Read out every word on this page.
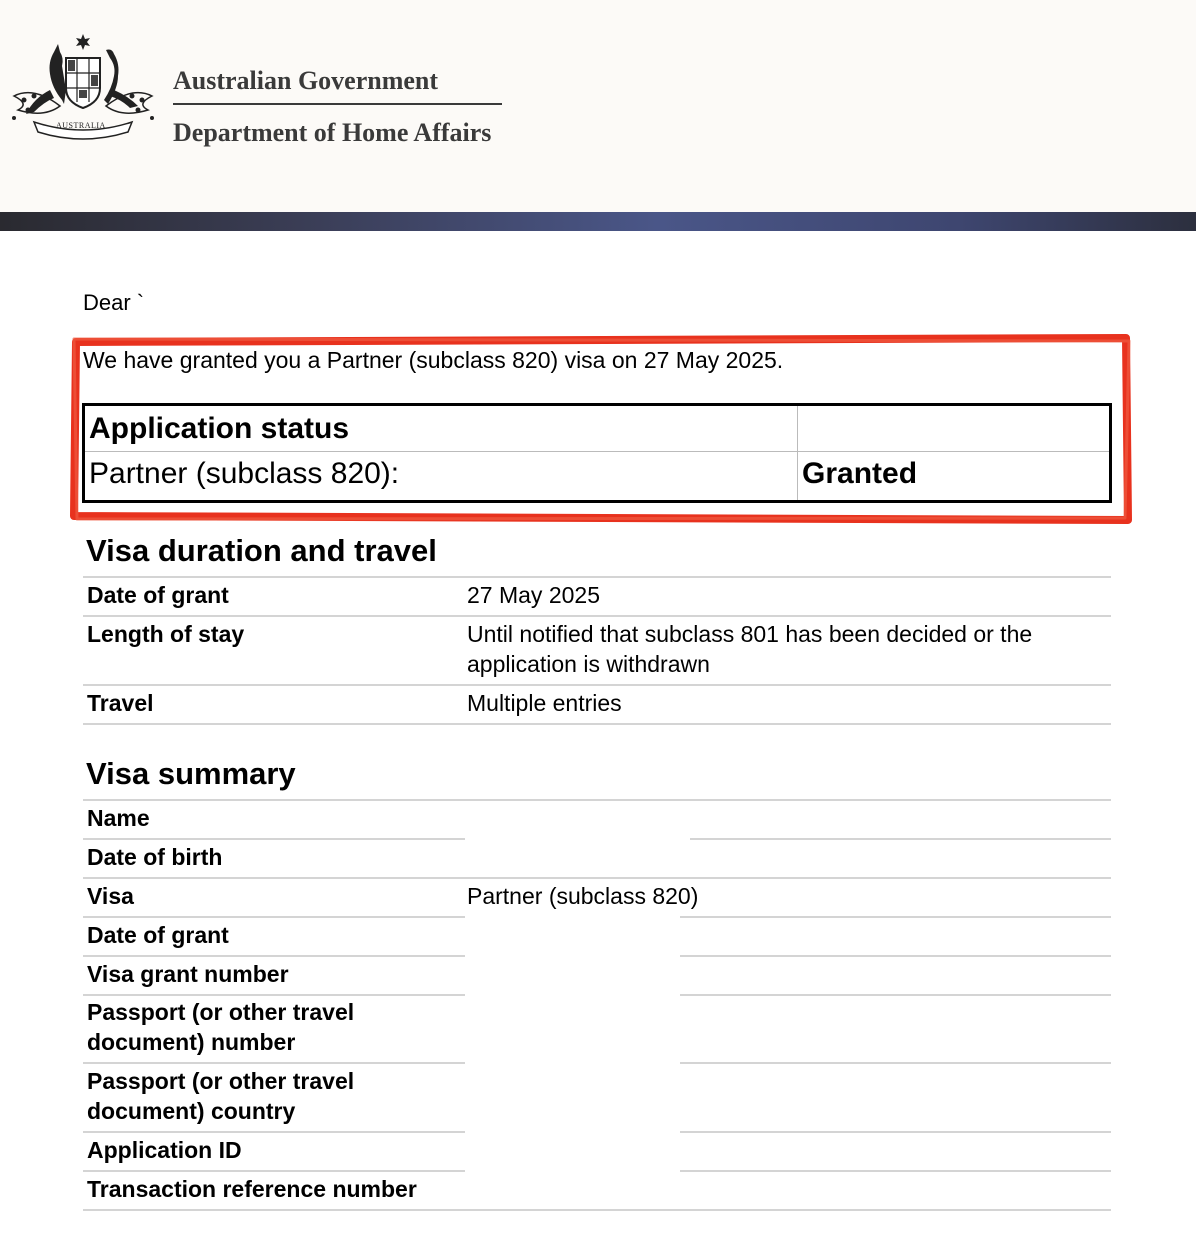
AUSTRALIA
Australian Government
Department of Home Affairs
Dear `
We have granted you a Partner (subclass 820) visa on 27 May 2025.
Application status
Partner (subclass 820):	Granted
Visa duration and travel
Date of grant	27 May 2025
Length of stay	Until notified that subclass 801 has been decided or the application is withdrawn
Travel	Multiple entries
Visa summary
Name
Date of birth
Visa	Partner (subclass 820)
Date of grant
Visa grant number
Passport (or other travel document) number
Passport (or other travel document) country
Application ID
Transaction reference number
